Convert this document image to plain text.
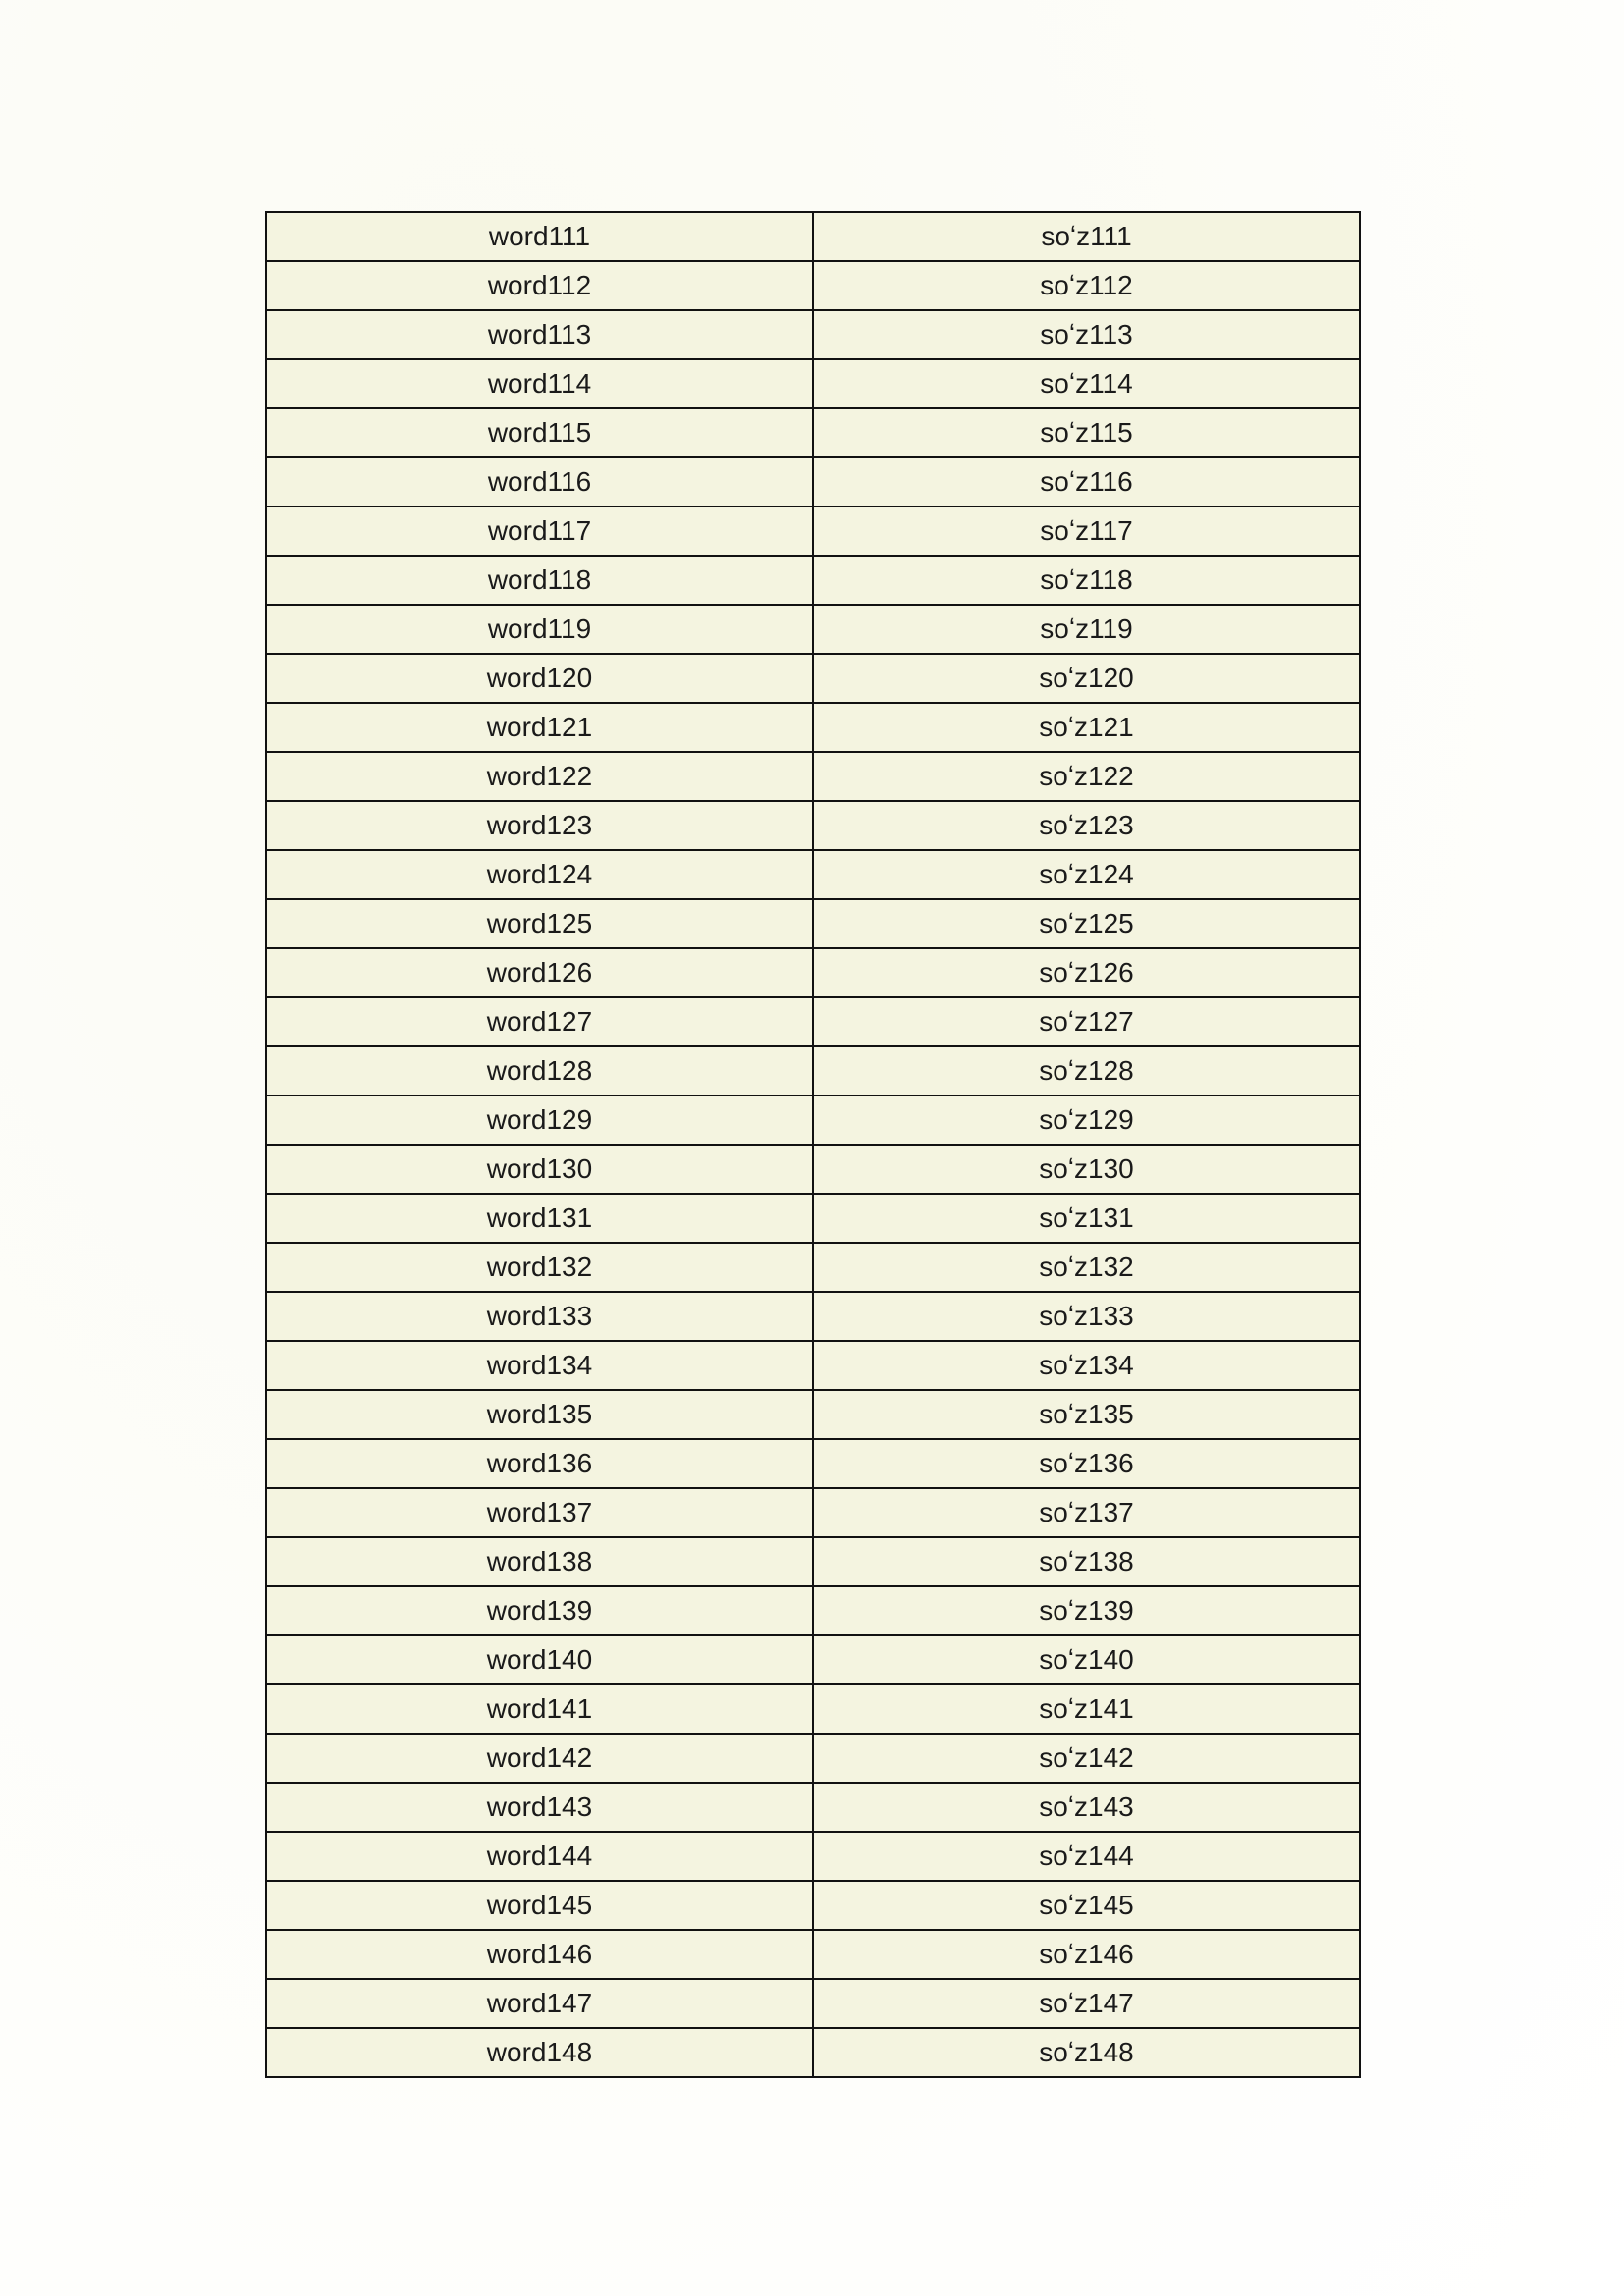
word111	soʻz111
word112	soʻz112
word113	soʻz113
word114	soʻz114
word115	soʻz115
word116	soʻz116
word117	soʻz117
word118	soʻz118
word119	soʻz119
word120	soʻz120
word121	soʻz121
word122	soʻz122
word123	soʻz123
word124	soʻz124
word125	soʻz125
word126	soʻz126
word127	soʻz127
word128	soʻz128
word129	soʻz129
word130	soʻz130
word131	soʻz131
word132	soʻz132
word133	soʻz133
word134	soʻz134
word135	soʻz135
word136	soʻz136
word137	soʻz137
word138	soʻz138
word139	soʻz139
word140	soʻz140
word141	soʻz141
word142	soʻz142
word143	soʻz143
word144	soʻz144
word145	soʻz145
word146	soʻz146
word147	soʻz147
word148	soʻz148
